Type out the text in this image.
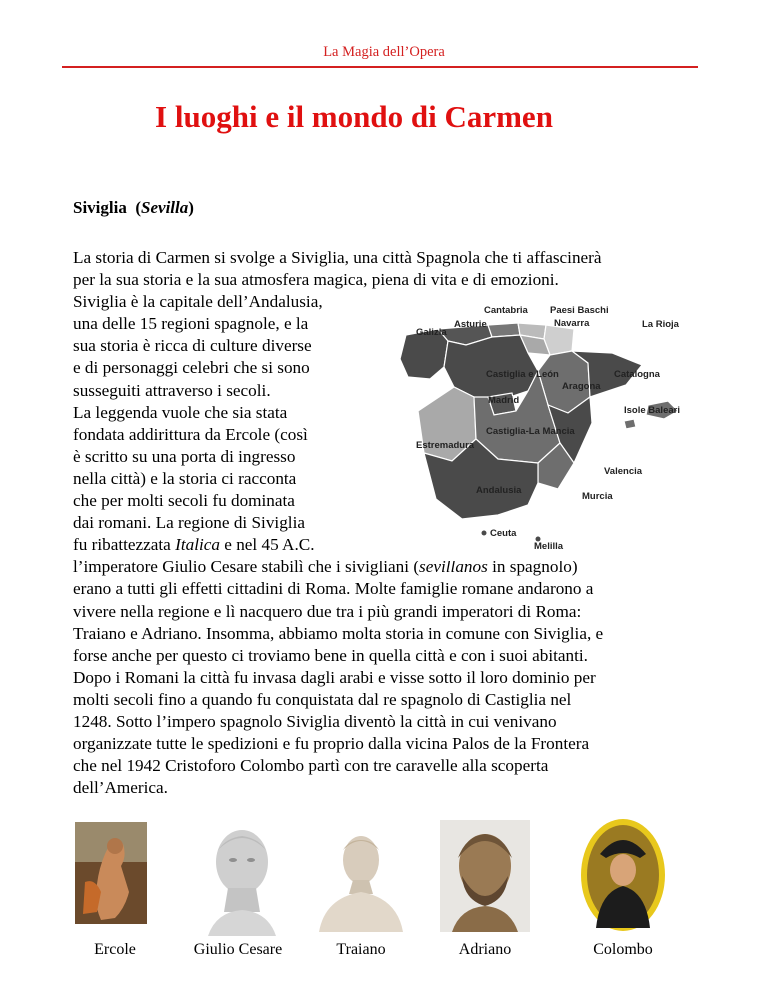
La Magia dell’Opera
I luoghi e il mondo di Carmen
Siviglia  (Sevilla)
La storia di Carmen si svolge a Siviglia, una città Spagnola che ti affascinerà
per la sua storia e la sua atmosfera magica, piena di vita e di emozioni.
Siviglia è la capitale dell’Andalusia,
una delle 15 regioni spagnole, e la
sua storia è ricca di culture diverse
e di personaggi celebri che si sono
susseguiti attraverso i secoli.
La leggenda vuole che sia stata
fondata addirittura da Ercole (così
è scritto su una porta di ingresso
nella città) e la storia ci racconta
che per molti secoli fu dominata
dai romani. La regione di Siviglia
fu ribattezzata Italica e nel 45 A.C.
l’imperatore Giulio Cesare stabilì che i sivigliani (sevillanos in spagnolo)
erano a tutti gli effetti cittadini di Roma. Molte famiglie romane andarono a
vivere nella regione e lì nacquero due tra i più grandi imperatori di Roma:
Traiano e Adriano. Insomma, abbiamo molta storia in comune con Siviglia, e
forse anche per questo ci troviamo bene in quella città e con i suoi abitanti.
Dopo i Romani la città fu invasa dagli arabi e visse sotto il loro dominio per
molti secoli fino a quando fu conquistata dal re spagnolo di Castiglia nel
1248. Sotto l’impero spagnolo Siviglia diventò la città in cui venivano
organizzate tutte le spedizioni e fu proprio dalla vicina Palos de la Frontera
che nel 1942 Cristoforo Colombo partì con tre caravelle alla scoperta
dell’America.
Cantabria Paesi Baschi
Asturie	Navarra	La Rioja
Galizia
Castiglia e León	Catalogna
Aragona
Madrid
Isole Baleari
Castiglia-La Mancia
Estremadura
Valencia
Andalusia
Murcia
Ceuta
Melilla
Ercole	Giulio Cesare	Traiano	Adriano	Colombo
